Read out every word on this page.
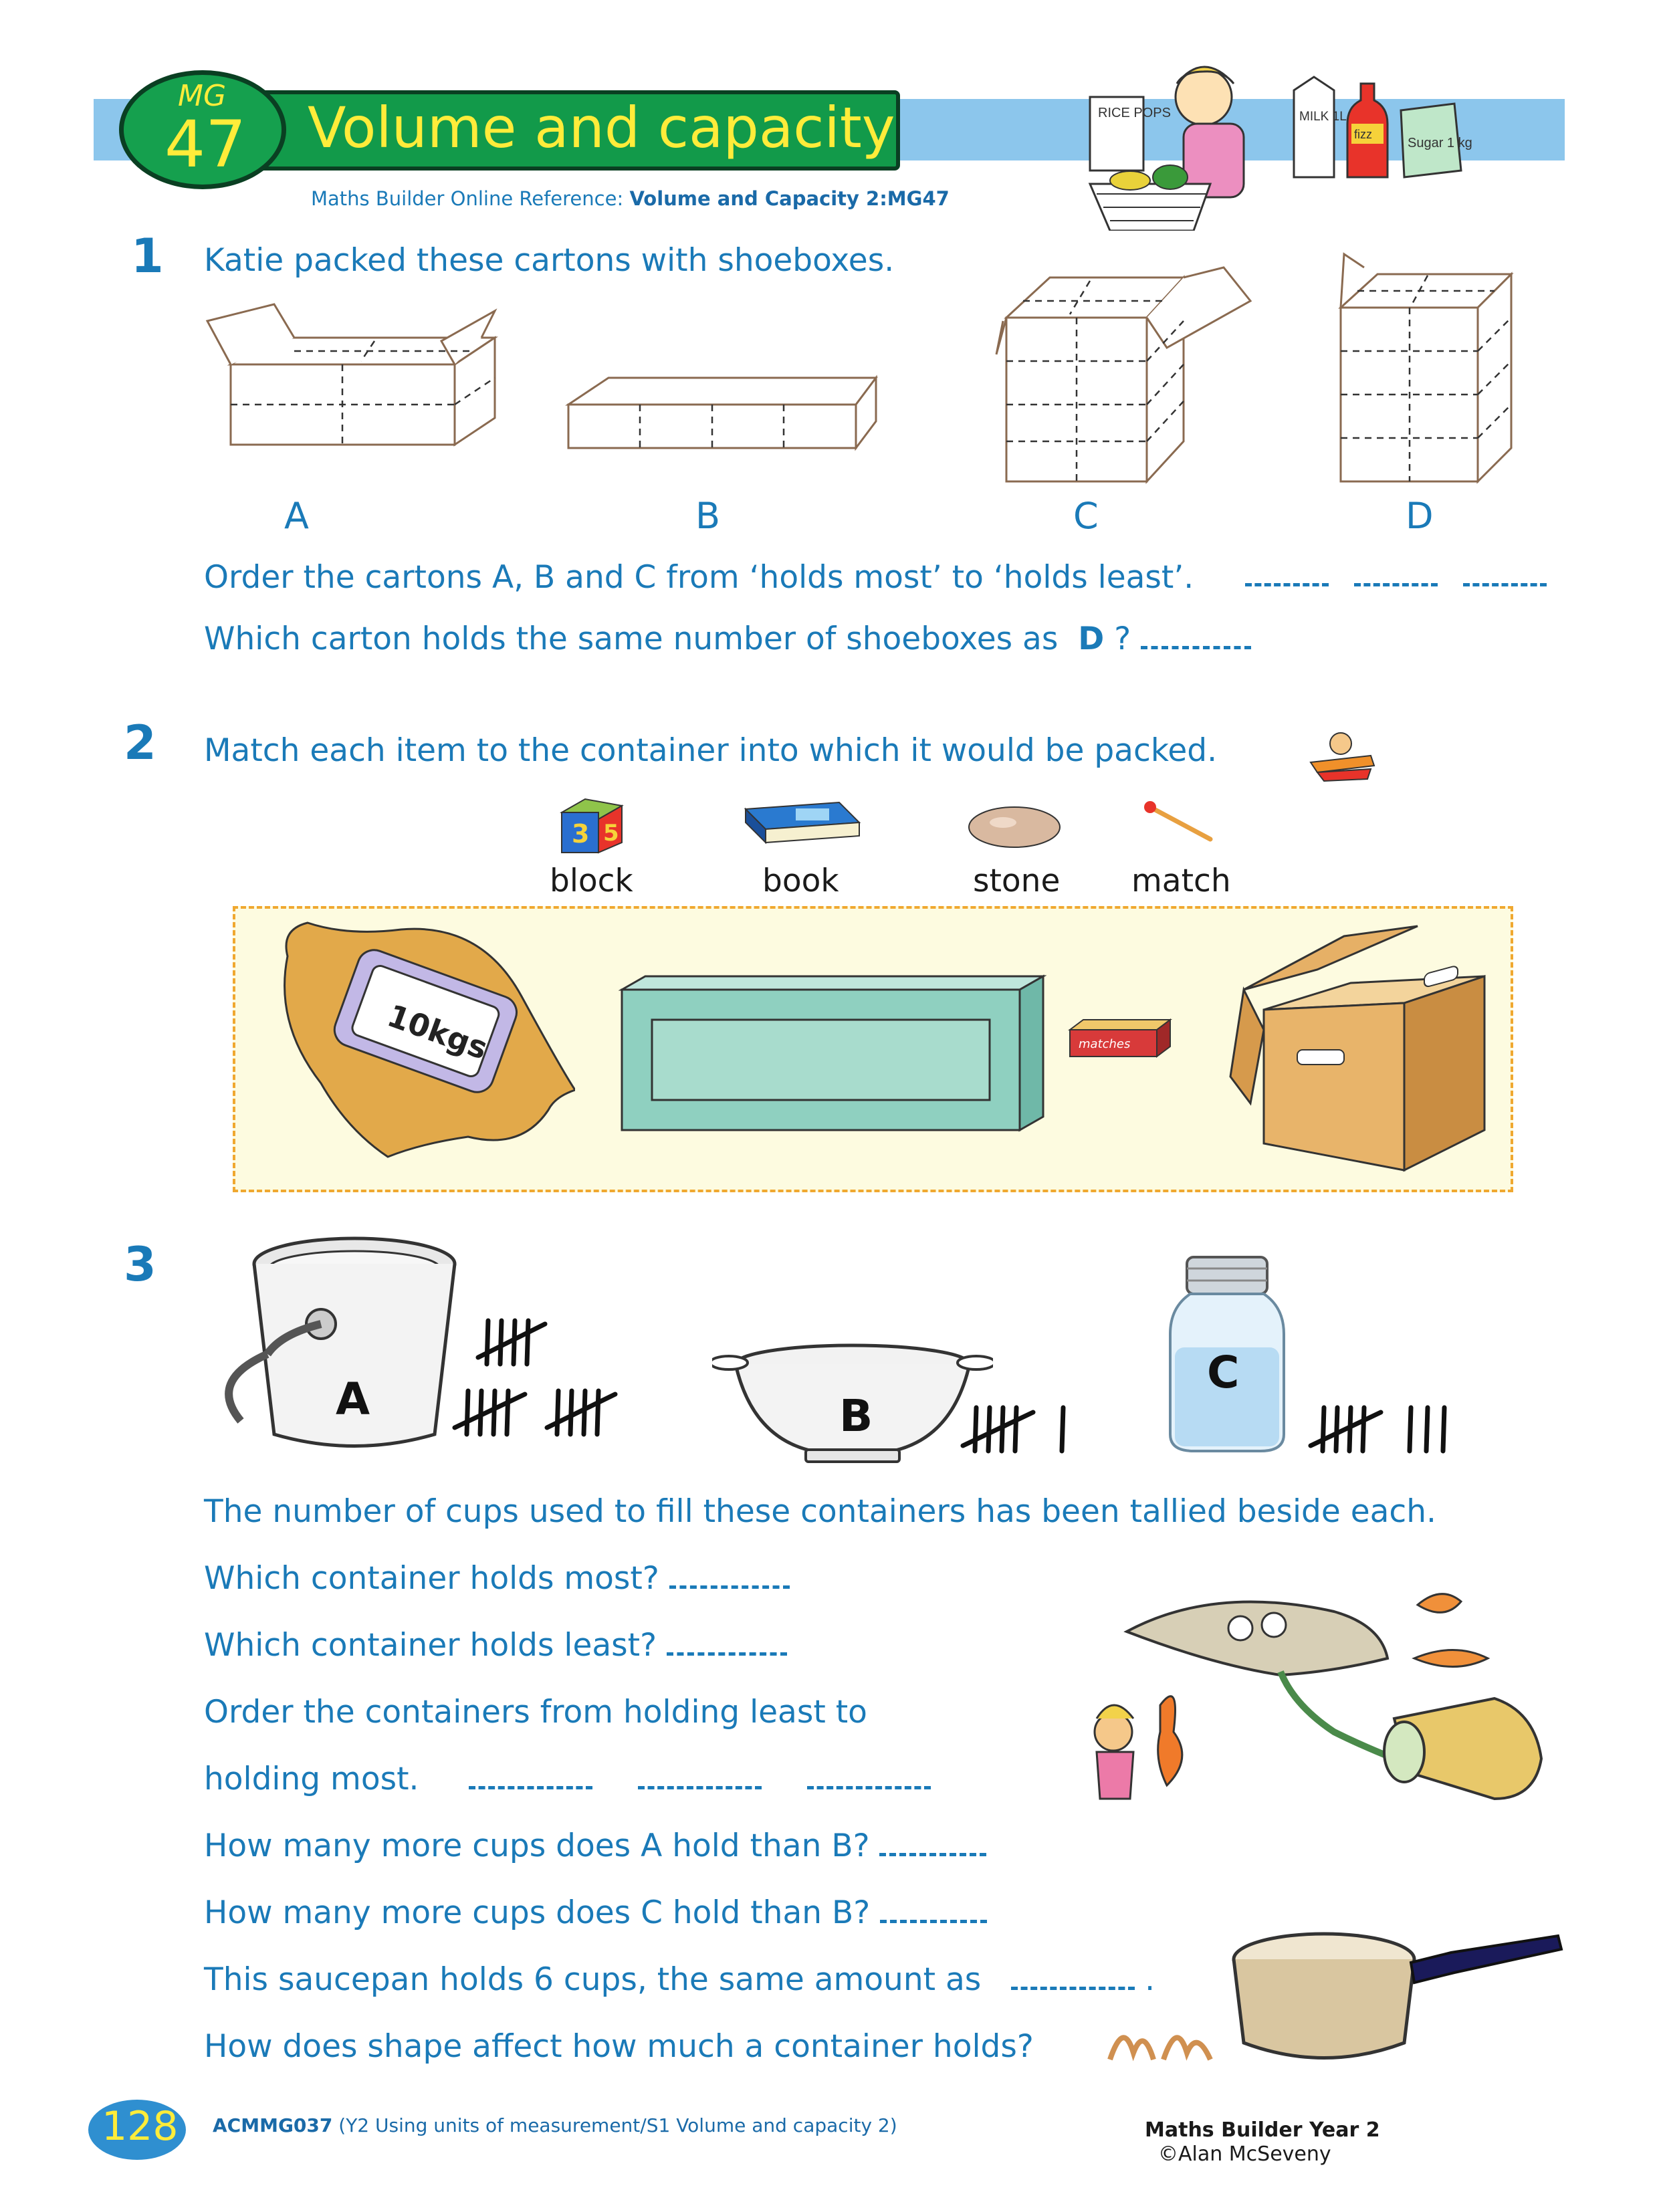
Volume and capacity
MG
47
Maths Builder Online Reference: Volume and Capacity 2:MG47
RICE POPS	MILK 1L
fizz
Sugar 1 kg
1 Katie packed these cartons with shoeboxes.
A	B	C	D
Order the cartons A, B and C from ‘holds most’ to ‘holds least’.
Which carton holds the same number of shoeboxes as D ?
2 Match each item to the container into which it would be packed.
3 5
block	book	stone match
10kgs	matches
3
A	B
C
The number of cups used to fill these containers has been tallied beside each.
Which container holds most?
Which container holds least?
Order the containers from holding least to
holding most.
How many more cups does A hold than B?
How many more cups does C hold than B?
This saucepan holds 6 cups, the same amount as	.
How does shape affect how much a container holds?
128 ACMMG037 (Y2 Using units of measurement/S1 Volume and capacity 2)	Maths Builder Year 2
©Alan McSeveny
